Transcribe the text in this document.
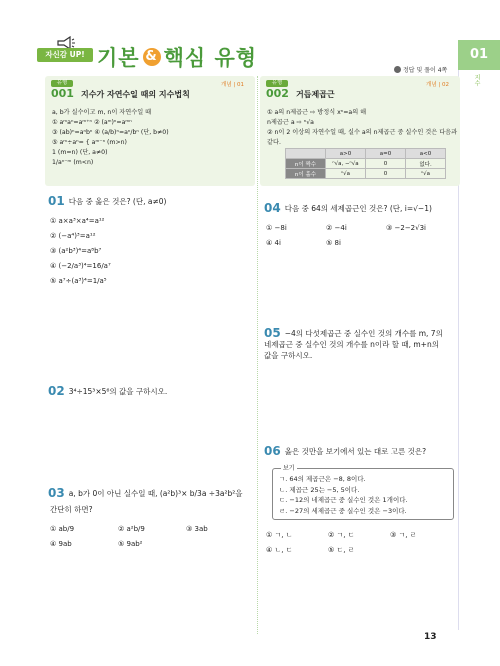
자신감 UP! 기본 & 핵심 유형
정답 및 풀이 4쪽
01
지수
유형
001 지수가 자연수일 때의 지수법칙
개념 | 01
a, b가 실수이고 m, n이 자연수일 때
① aᵐaⁿ=aᵐ⁺ⁿ ② (aᵐ)ⁿ=aᵐⁿ
③ (ab)ⁿ=aⁿbⁿ ④ (a/b)ⁿ=aⁿ/bⁿ (단, b≠0)
⑤ aᵐ÷aⁿ= { aᵐ⁻ⁿ (m>n)
1 (m=n) (단, a≠0)
1/aⁿ⁻ᵐ (m<n)
유형
002 거듭제곱근
개념 | 02
① a의 n제곱근 ⇨ 방정식 xⁿ=a의 해
n제곱근 a ⇨ ⁿ√a
② n이 2 이상의 자연수일 때, 실수 a의 n제곱근 중 실수인 것은 다음과
같다.
	a>0	a=0	a<0
n이 짝수	ⁿ√a, −ⁿ√a	0	없다.
n이 홀수	ⁿ√a	0	ⁿ√a
01 다음 중 옳은 것은? (단, a≠0)
① a×a³×a⁴=a¹²
② (−a⁴)³=a¹²
③ (a²b³)⁴=a⁸b⁷
④ (−2/a³)⁴=16/a⁷
⑤ a⁷÷(a³)⁴=1/a⁵
02 3⁴÷15³×5⁶의 값을 구하시오.
03 a, b가 0이 아닌 실수일 때, (a²b)³× b/3a ÷3a²b²을
간단히 하면?
① ab/9	② a²b/9	③ 3ab
④ 9ab	⑤ 9ab²
04 다음 중 64의 세제곱근인 것은? (단, i=√−1)
① −8i	② −4i	③ −2−2√3i
④ 4i	⑤ 8i
05 −4의 다섯제곱근 중 실수인 것의 개수를 m, 7의
네제곱근 중 실수인 것의 개수를 n이라 할 때, m+n의
값을 구하시오.
06 옳은 것만을 보기에서 있는 대로 고른 것은?
보기
ㄱ. 64의 제곱근은 −8, 8이다.
ㄴ. 제곱근 25는 −5, 5이다.
ㄷ. −12의 네제곱근 중 실수인 것은 1개이다.
ㄹ. −27의 세제곱근 중 실수인 것은 −3이다.
① ㄱ, ㄴ	② ㄱ, ㄷ	③ ㄱ, ㄹ
④ ㄴ, ㄷ	⑤ ㄷ, ㄹ
13
